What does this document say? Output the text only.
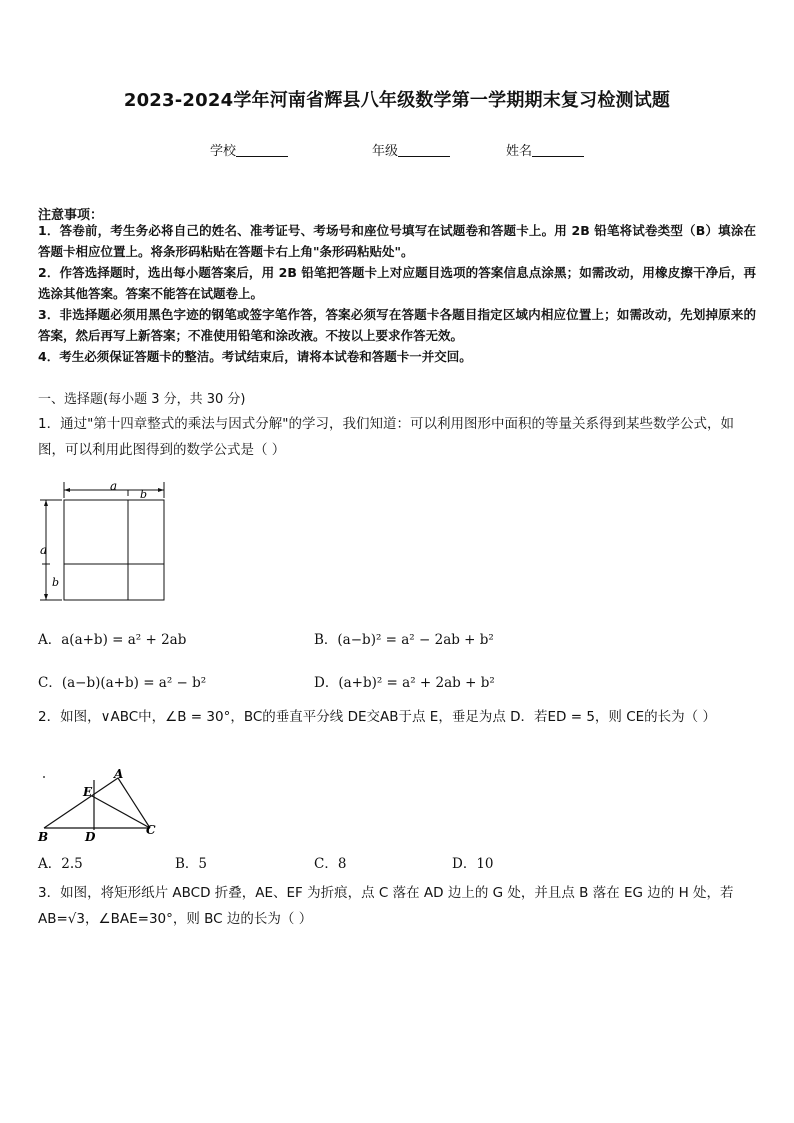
2023-2024学年河南省辉县八年级数学第一学期期末复习检测试题
学校	年级	姓名
注意事项：
1．答卷前，考生务必将自己的姓名、准考证号、考场号和座位号填写在试题卷和答题卡上。用 2B 铅笔将试卷类型（B）填涂在答题卡相应位置上。将条形码粘贴在答题卡右上角"条形码粘贴处"。
2．作答选择题时，选出每小题答案后，用 2B 铅笔把答题卡上对应题目选项的答案信息点涂黑；如需改动，用橡皮擦干净后，再选涂其他答案。答案不能答在试题卷上。
3．非选择题必须用黑色字迹的钢笔或签字笔作答，答案必须写在答题卡各题目指定区域内相应位置上；如需改动，先划掉原来的答案，然后再写上新答案；不准使用铅笔和涂改液。不按以上要求作答无效。
4．考生必须保证答题卡的整洁。考试结束后，请将本试卷和答题卡一并交回。
一、选择题(每小题 3 分，共 30 分)
1．通过"第十四章整式的乘法与因式分解"的学习，我们知道：可以利用图形中面积的等量关系得到某些数学公式，如图，可以利用此图得到的数学公式是（ ）
a
b
a
b
A．a(a+b) = a² + 2ab	B．(a−b)² = a² − 2ab + b²
C．(a−b)(a+b) = a² − b²	D．(a+b)² = a² + 2ab + b²
2．如图，∨ABC中，∠B = 30°，BC的垂直平分线 DE交AB于点 E，垂足为点 D．若ED = 5，则 CE的长为（ ）
A
E
B	D	C
A．2.5	B．5	C．8	D．10
3．如图，将矩形纸片 ABCD 折叠，AE、EF 为折痕，点 C 落在 AD 边上的 G 处，并且点 B 落在 EG 边的 H 处，若 AB=√3，∠BAE=30°，则 BC 边的长为（ ）
